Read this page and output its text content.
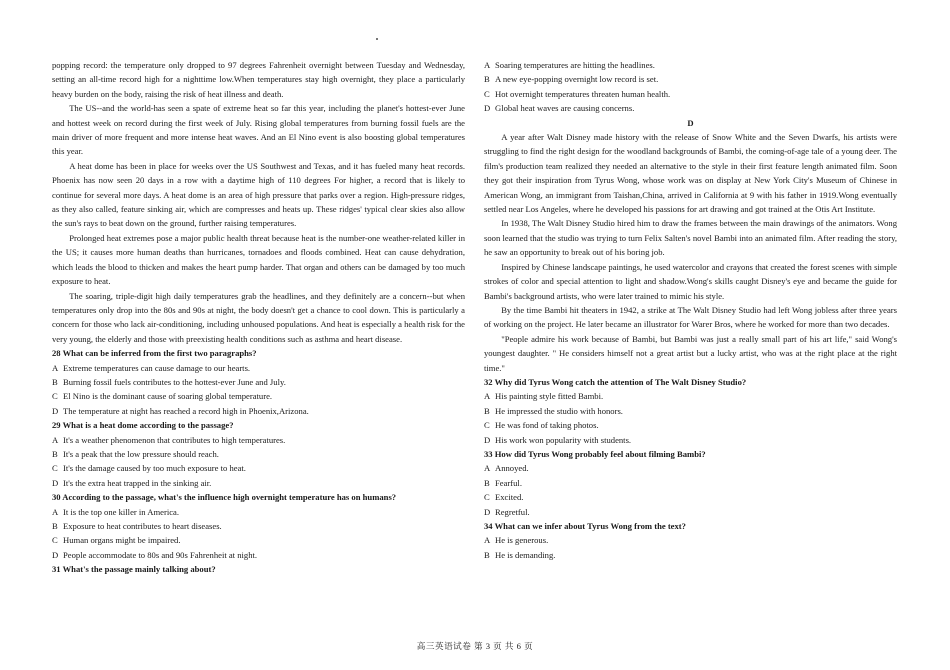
popping record: the temperature only dropped to 97 degrees Fahrenheit overnight between Tuesday and Wednesday, setting an all-time record high for a nighttime low.When temperatures stay high overnight, they place a particularly heavy burden on the body, raising the risk of heat illness and death.

The US--and the world-has seen a spate of extreme heat so far this year, including the planet's hottest-ever June and hottest week on record during the first week of July. Rising global temperatures from burning fossil fuels are the main driver of more frequent and more intense heat waves. And an El Nino event is also boosting global temperatures this year.

A heat dome has been in place for weeks over the US Southwest and Texas, and it has fueled many heat records. Phoenix has now seen 20 days in a row with a daytime high of 110 degrees For higher, a record that is likely to continue for several more days. A heat dome is an area of high pressure that parks over a region. High-pressure ridges, as they also called, feature sinking air, which are compresses and heats up. These ridges' typical clear skies also allow the sun's rays to beat down on the ground, further raising temperatures.

Prolonged heat extremes pose a major public health threat because heat is the number-one weather-related killer in the US; it causes more human deaths than hurricanes, tornadoes and floods combined. Heat can cause dehydration, which leads the blood to thicken and makes the heart pump harder. That organ and others can be damaged by too much exposure to heat.

The soaring, triple-digit high daily temperatures grab the headlines, and they definitely are a concern--but when temperatures only drop into the 80s and 90s at night, the body doesn't get a chance to cool down. This is particularly a concern for those who lack air-conditioning, including unhoused populations. And heat is especially a health risk for the very young, the elderly and those with preexisting health conditions such as asthma and heart disease.

28 What can be inferred from the first two paragraphs?

A Extreme temperatures can cause damage to our hearts.

B Burning fossil fuels contributes to the hottest-ever June and July.

C El Nino is the dominant cause of soaring global temperature.

D The temperature at night has reached a record high in Phoenix,Arizona.

29 What is a heat dome according to the passage?

A It's a weather phenomenon that contributes to high temperatures.

B It's a peak that the low pressure should reach.

C It's the damage caused by too much exposure to heat.

D It's the extra heat trapped in the sinking air.

30 According to the passage, what's the influence high overnight temperature has on humans?

A It is the top one killer in America.

B Exposure to heat contributes to heart diseases.

C Human organs might be impaired.

D People accommodate to 80s and 90s Fahrenheit at night.

31 What's the passage mainly talking about?

A Soaring temperatures are hitting the headlines.

B A new eye-popping overnight low record is set.

C Hot overnight temperatures threaten human health.

D Global heat waves are causing concerns.

D

A year after Walt Disney made history with the release of Snow White and the Seven Dwarfs, his artists were struggling to find the right design for the woodland backgrounds of Bambi, the coming-of-age tale of a young deer. The film's production team realized they needed an alternative to the style in their first feature length animated film. Soon they got their inspiration from Tyrus Wong, whose work was on display at New York City's Museum of Chinese in American Wong, an immigrant from Taishan,China, arrived in California at 9 with his father in 1919.Wong eventually settled near Los Angeles, where he developed his passions for art drawing and got trained at the Otis Art Institute.

In 1938, The Walt Disney Studio hired him to draw the frames between the main drawings of the animators. Wong soon learned that the studio was trying to turn Felix Salten's novel Bambi into an animated film. After reading the story, he saw an opportunity to break out of his boring job.

Inspired by Chinese landscape paintings, he used watercolor and crayons that created the forest scenes with simple strokes of color and special attention to light and shadow.Wong's skills caught Disney's eye and became the guide for Bambi's background artists, who were later trained to mimic his style.

By the time Bambi hit theaters in 1942, a strike at The Walt Disney Studio had left Wong jobless after three years of working on the project. He later became an illustrator for Warer Bros, where he worked for more than two decades.

"People admire his work because of Bambi, but Bambi was just a really small part of his art life," said Wong's youngest daughter. " He considers himself not a great artist but a lucky artist, who was at the right place at the right time."

32 Why did Tyrus Wong catch the attention of The Walt Disney Studio?

A His painting style fitted Bambi.

B He impressed the studio with honors.

C He was fond of taking photos.

D His work won popularity with students.

33 How did Tyrus Wong probably feel about filming Bambi?

A Annoyed.

B Fearful.

C Excited.

D Regretful.

34 What can we infer about Tyrus Wong from the text?

A He is generous.

B He is demanding.

高三英语试卷 第 3 页 共 6 页
